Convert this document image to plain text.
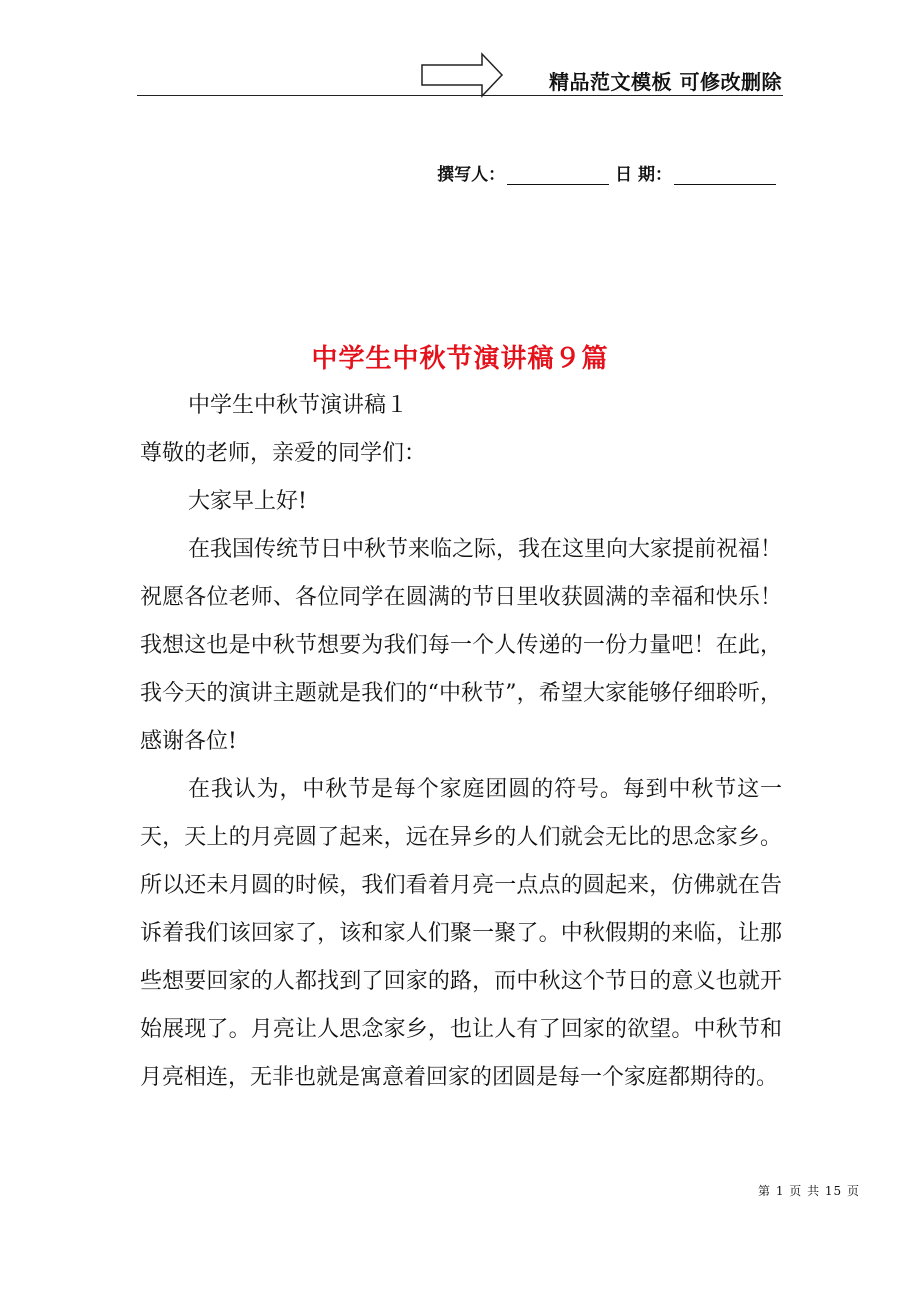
精品范文模板 可修改删除
撰写人：	日 期：
中学生中秋节演讲稿９篇

中学生中秋节演讲稿１

尊敬的老师，亲爱的同学们：

大家早上好!

在我国传统节日中秋节来临之际，我在这里向大家提前祝福！祝愿各位老师、各位同学在圆满的节日里收获圆满的幸福和快乐！我想这也是中秋节想要为我们每一个人传递的一份力量吧！在此，我今天的演讲主题就是我们的“中秋节”，希望大家能够仔细聆听，感谢各位!

在我认为，中秋节是每个家庭团圆的符号。每到中秋节这一天，天上的月亮圆了起来，远在异乡的人们就会无比的思念家乡。所以还未月圆的时候，我们看着月亮一点点的圆起来，仿佛就在告诉着我们该回家了，该和家人们聚一聚了。中秋假期的来临，让那些想要回家的人都找到了回家的路，而中秋这个节日的意义也就开始展现了。月亮让人思念家乡，也让人有了回家的欲望。中秋节和月亮相连，无非也就是寓意着回家的团圆是每一个家庭都期待的。

第 1 页 共 15 页
